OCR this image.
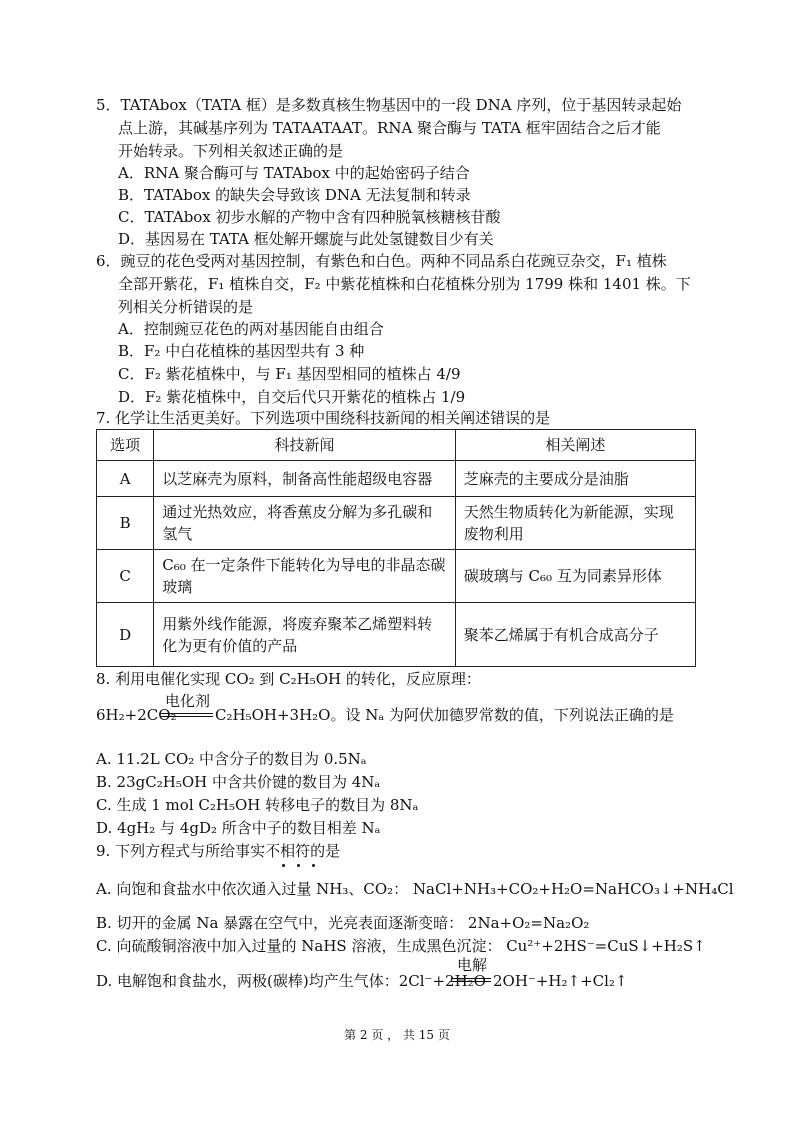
5．TATAbox（TATA 框）是多数真核生物基因中的一段 DNA 序列，位于基因转录起始
点上游，其碱基序列为 TATAATAAT。RNA 聚合酶与 TATA 框牢固结合之后才能
开始转录。下列相关叙述正确的是
A．RNA 聚合酶可与 TATAbox 中的起始密码子结合
B．TATAbox 的缺失会导致该 DNA 无法复制和转录
C．TATAbox 初步水解的产物中含有四种脱氧核糖核苷酸
D．基因易在 TATA 框处解开螺旋与此处氢键数目少有关
6．豌豆的花色受两对基因控制，有紫色和白色。两种不同品系白花豌豆杂交，F₁ 植株
全部开紫花，F₁ 植株自交，F₂ 中紫花植株和白花植株分别为 1799 株和 1401 株。下
列相关分析错误的是
A．控制豌豆花色的两对基因能自由组合
B．F₂ 中白花植株的基因型共有 3 种
C．F₂ 紫花植株中，与 F₁ 基因型相同的植株占 4/9
D．F₂ 紫花植株中，自交后代只开紫花的植株占 1/9
7. 化学让生活更美好。下列选项中围绕科技新闻的相关阐述错误的是
选项	科技新闻	相关阐述
A	以芝麻壳为原料，制备高性能超级电容器	芝麻壳的主要成分是油脂
B	通过光热效应，将香蕉皮分解为多孔碳和氢气	天然生物质转化为新能源，实现废物利用
C	C₆₀ 在一定条件下能转化为导电的非晶态碳玻璃	碳玻璃与 C₆₀ 互为同素异形体
D	用紫外线作能源，将废弃聚苯乙烯塑料转化为更有价值的产品	聚苯乙烯属于有机合成高分子
8. 利用电催化实现 CO₂ 到 C₂H₅OH 的转化，反应原理：
电化剂
6H₂+2CO₂	C₂H₅OH+3H₂O。设 Nₐ 为阿伏加德罗常数的值，下列说法正确的是
A. 11.2L CO₂ 中含分子的数目为 0.5Nₐ
B. 23gC₂H₅OH 中含共价键的数目为 4Nₐ
C. 生成 1 mol C₂H₅OH 转移电子的数目为 8Nₐ
D. 4gH₂ 与 4gD₂ 所含中子的数目相差 Nₐ
9. 下列方程式与所给事实不相符的是
A. 向饱和食盐水中依次通入过量 NH₃、CO₂： NaCl+NH₃+CO₂+H₂O=NaHCO₃↓+NH₄Cl
B. 切开的金属 Na 暴露在空气中，光亮表面逐渐变暗： 2Na+O₂=Na₂O₂
C. 向硫酸铜溶液中加入过量的 NaHS 溶液，生成黑色沉淀： Cu²⁺+2HS⁻=CuS↓+H₂S↑
电解
D. 电解饱和食盐水，两极(碳棒)均产生气体：2Cl⁻+2H₂O 2OH⁻+H₂↑+Cl₂↑
第 2 页 ， 共 15 页
